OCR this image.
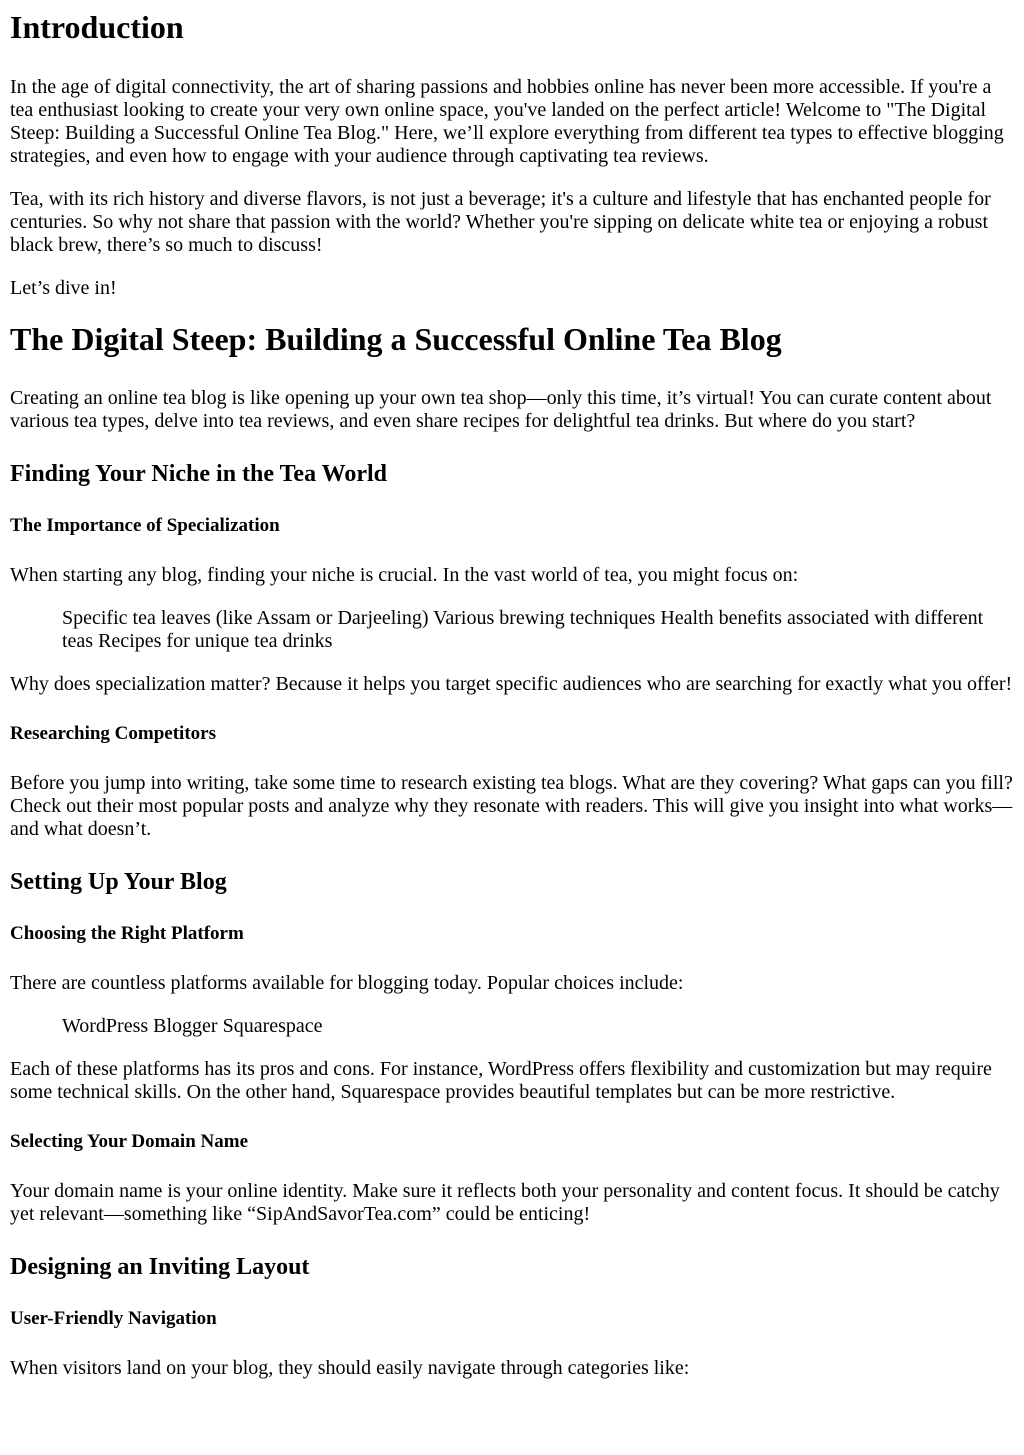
Introduction

In the age of digital connectivity, the art of sharing passions and hobbies online has never been more accessible. If you're a tea enthusiast looking to create your very own online space, you've landed on the perfect article! Welcome to "The Digital Steep: Building a Successful Online Tea Blog." Here, we’ll explore everything from different tea types to effective blogging strategies, and even how to engage with your audience through captivating tea reviews.

Tea, with its rich history and diverse flavors, is not just a beverage; it's a culture and lifestyle that has enchanted people for centuries. So why not share that passion with the world? Whether you're sipping on delicate white tea or enjoying a robust black brew, there’s so much to discuss!

Let’s dive in!

The Digital Steep: Building a Successful Online Tea Blog

Creating an online tea blog is like opening up your own tea shop—only this time, it’s virtual! You can curate content about various tea types, delve into tea reviews, and even share recipes for delightful tea drinks. But where do you start?

Finding Your Niche in the Tea World
The Importance of Specialization

When starting any blog, finding your niche is crucial. In the vast world of tea, you might focus on:

Specific tea leaves (like Assam or Darjeeling) Various brewing techniques Health benefits associated with different teas Recipes for unique tea drinks

Why does specialization matter? Because it helps you target specific audiences who are searching for exactly what you offer!

Researching Competitors

Before you jump into writing, take some time to research existing tea blogs. What are they covering? What gaps can you fill? Check out their most popular posts and analyze why they resonate with readers. This will give you insight into what works—and what doesn’t.

Setting Up Your Blog
Choosing the Right Platform

There are countless platforms available for blogging today. Popular choices include:

WordPress Blogger Squarespace

Each of these platforms has its pros and cons. For instance, WordPress offers flexibility and customization but may require some technical skills. On the other hand, Squarespace provides beautiful templates but can be more restrictive.

Selecting Your Domain Name

Your domain name is your online identity. Make sure it reflects both your personality and content focus. It should be catchy yet relevant—something like “SipAndSavorTea.com” could be enticing!

Designing an Inviting Layout
User-Friendly Navigation

When visitors land on your blog, they should easily navigate through categories like:
